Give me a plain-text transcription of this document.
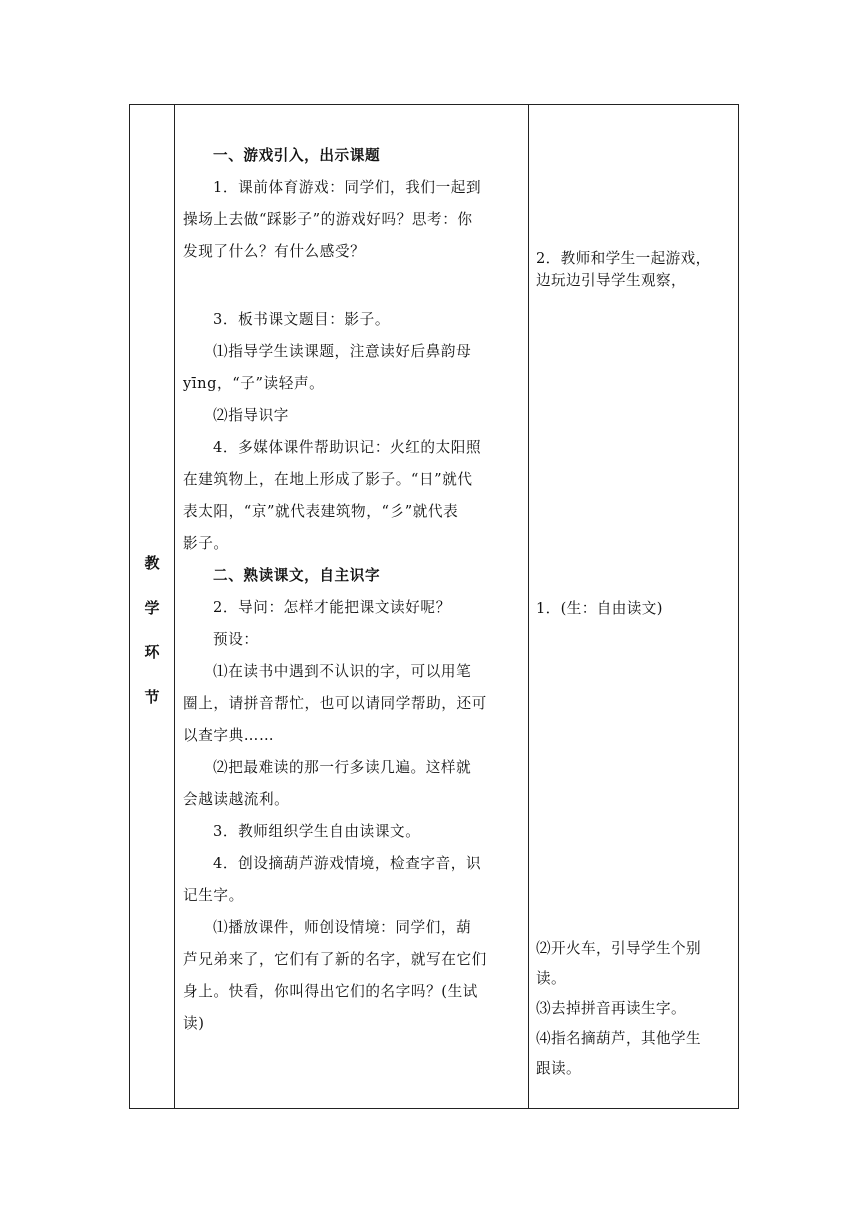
教
学
环
节

一、游戏引入，出示课题

1．课前体育游戏：同学们，我们一起到

操场上去做“踩影子”的游戏好吗？思考：你

发现了什么？有什么感受？

3．板书课文题目：影子。

⑴指导学生读课题，注意读好后鼻韵母

yīng，“子”读轻声。

⑵指导识字

4．多媒体课件帮助识记：火红的太阳照

在建筑物上，在地上形成了影子。“日”就代

表太阳，“京”就代表建筑物，“彡”就代表

影子。

二、熟读课文，自主识字

2．导问：怎样才能把课文读好呢？

预设：

⑴在读书中遇到不认识的字，可以用笔

圈上，请拼音帮忙，也可以请同学帮助，还可

以查字典……

⑵把最难读的那一行多读几遍。这样就

会越读越流利。

3．教师组织学生自由读课文。

4．创设摘葫芦游戏情境，检查字音，识

记生字。

⑴播放课件，师创设情境：同学们，葫

芦兄弟来了，它们有了新的名字，就写在它们

身上。快看，你叫得出它们的名字吗？(生试

读)

2．教师和学生一起游戏，

边玩边引导学生观察，

1．(生：自由读文)

⑵开火车，引导学生个别

读。

⑶去掉拼音再读生字。

⑷指名摘葫芦，其他学生

跟读。
